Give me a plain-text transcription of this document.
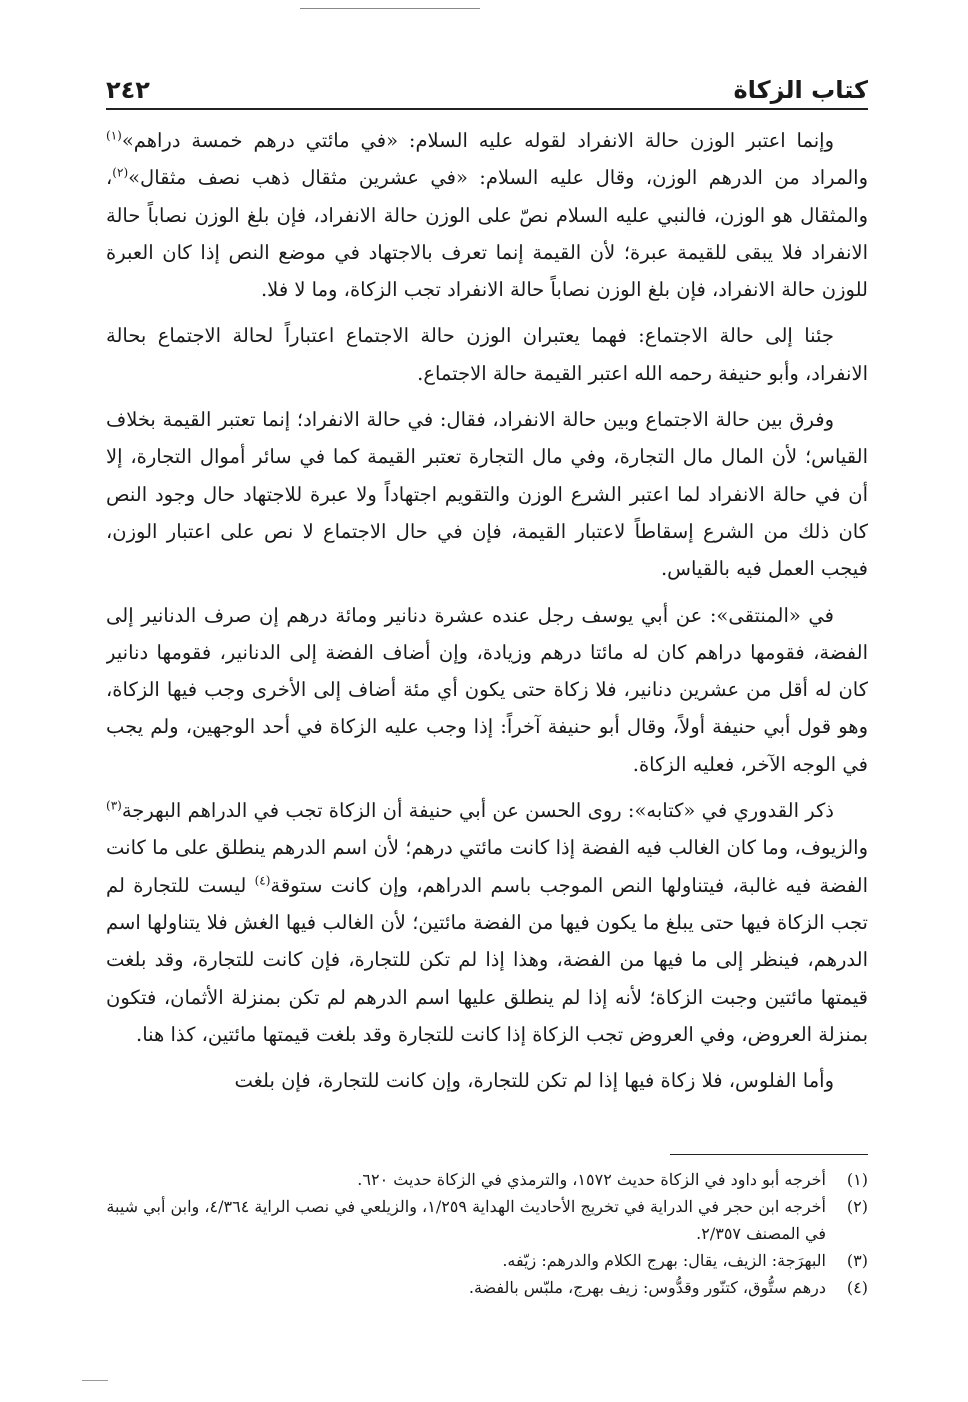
كتاب الزكاة
٢٤٢

وإنما اعتبر الوزن حالة الانفراد لقوله عليه السلام: «في مائتي درهم خمسة دراهم»$^{(١)}$ والمراد من الدرهم الوزن، وقال عليه السلام: «في عشرين مثقال ذهب نصف مثقال»$^{(٢)}$، والمثقال هو الوزن، فالنبي عليه السلام نصّ على الوزن حالة الانفراد، فإن بلغ الوزن نصاباً حالة الانفراد فلا يبقى للقيمة عبرة؛ لأن القيمة إنما تعرف بالاجتهاد في موضع النص إذا كان العبرة للوزن حالة الانفراد، فإن بلغ الوزن نصاباً حالة الانفراد تجب الزكاة، وما لا فلا.

جئنا إلى حالة الاجتماع: فهما يعتبران الوزن حالة الاجتماع اعتباراً لحالة الاجتماع بحالة الانفراد، وأبو حنيفة رحمه الله اعتبر القيمة حالة الاجتماع.

وفرق بين حالة الاجتماع وبين حالة الانفراد، فقال: في حالة الانفراد؛ إنما تعتبر القيمة بخلاف القياس؛ لأن المال مال التجارة، وفي مال التجارة تعتبر القيمة كما في سائر أموال التجارة، إلا أن في حالة الانفراد لما اعتبر الشرع الوزن والتقويم اجتهاداً ولا عبرة للاجتهاد حال وجود النص كان ذلك من الشرع إسقاطاً لاعتبار القيمة، فإن في حال الاجتماع لا نص على اعتبار الوزن، فيجب العمل فيه بالقياس.

في «المنتقى»: عن أبي يوسف رجل عنده عشرة دنانير ومائة درهم إن صرف الدنانير إلى الفضة، فقومها دراهم كان له مائتا درهم وزيادة، وإن أضاف الفضة إلى الدنانير، فقومها دنانير كان له أقل من عشرين دنانير، فلا زكاة حتى يكون أي مئة أضاف إلى الأخرى وجب فيها الزكاة، وهو قول أبي حنيفة أولاً، وقال أبو حنيفة آخراً: إذا وجب عليه الزكاة في أحد الوجهين، ولم يجب في الوجه الآخر، فعليه الزكاة.

ذكر القدوري في «كتابه»: روى الحسن عن أبي حنيفة أن الزكاة تجب في الدراهم البهرجة$^{(٣)}$ والزيوف، وما كان الغالب فيه الفضة إذا كانت مائتي درهم؛ لأن اسم الدرهم ينطلق على ما كانت الفضة فيه غالبة، فيتناولها النص الموجب باسم الدراهم، وإن كانت ستوقة$^{(٤)}$ ليست للتجارة لم تجب الزكاة فيها حتى يبلغ ما يكون فيها من الفضة مائتين؛ لأن الغالب فيها الغش فلا يتناولها اسم الدرهم، فينظر إلى ما فيها من الفضة، وهذا إذا لم تكن للتجارة، فإن كانت للتجارة، وقد بلغت قيمتها مائتين وجبت الزكاة؛ لأنه إذا لم ينطلق عليها اسم الدرهم لم تكن بمنزلة الأثمان، فتكون بمنزلة العروض، وفي العروض تجب الزكاة إذا كانت للتجارة وقد بلغت قيمتها مائتين، كذا هنا.

وأما الفلوس، فلا زكاة فيها إذا لم تكن للتجارة، وإن كانت للتجارة، فإن بلغت

(١)
أخرجه أبو داود في الزكاة حديث ١٥٧٢، والترمذي في الزكاة حديث ٦٢٠.
(٢)
أخرجه ابن حجر في الدراية في تخريج الأحاديث الهداية ١/٢٥٩، والزيلعي في نصب الراية ٤/٣٦٤، وابن أبي شيبة في المصنف ٢/٣٥٧.
(٣)
البهرَجة: الزيف، يقال: بهرج الكلام والدرهم: زيّفه.
(٤)
درهم ستُّوق، كتنّور وقدُّوس: زيف بهرج، ملبّس بالفضة.
